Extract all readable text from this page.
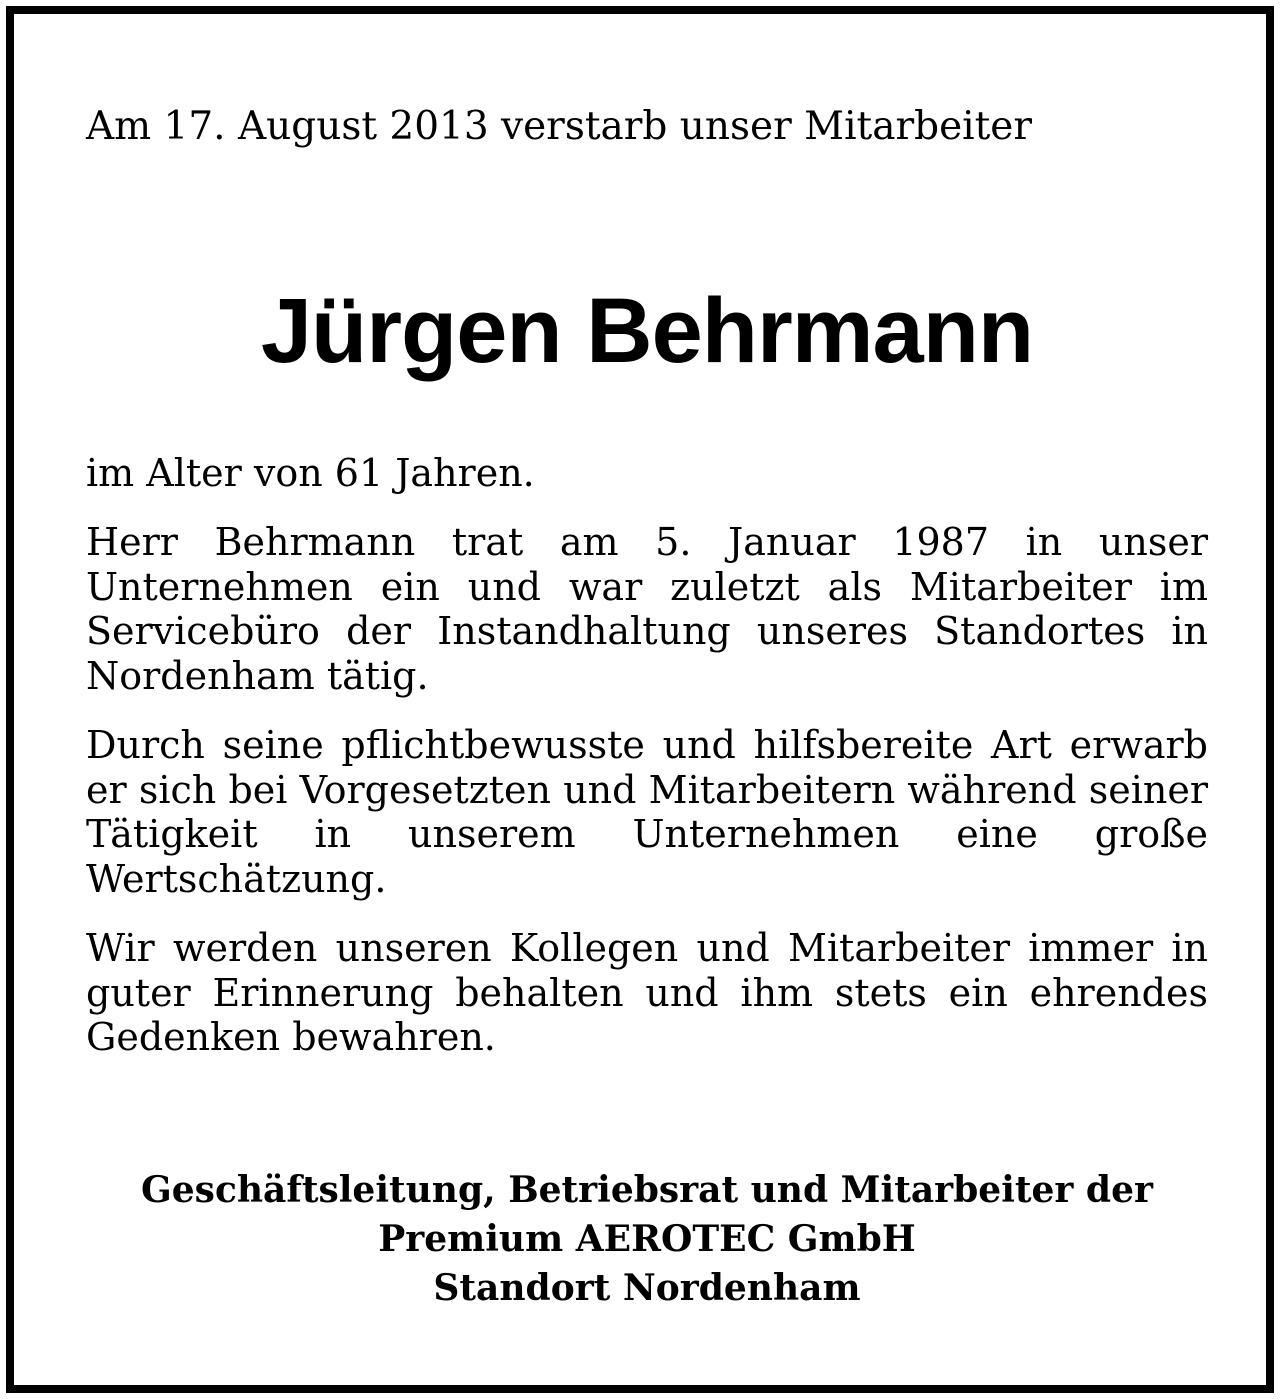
Am 17. August 2013 verstarb unser Mitarbeiter

Jürgen Behrmann

im Alter von 61 Jahren.

Herr Behrmann trat am 5. Januar 1987 in unser Unternehmen ein und war zuletzt als Mitarbeiter im Servicebüro der Instandhaltung unseres Standortes in Nordenham tätig.

Durch seine pflichtbewusste und hilfsbereite Art erwarb er sich bei Vorgesetzten und Mitarbeitern während seiner Tätigkeit in unserem Unternehmen eine große Wertschätzung.

Wir werden unseren Kollegen und Mitarbeiter immer in guter Erinnerung behalten und ihm stets ein ehrendes Gedenken bewahren.

Geschäftsleitung, Betriebsrat und Mitarbeiter der
Premium AEROTEC GmbH
Standort Nordenham
